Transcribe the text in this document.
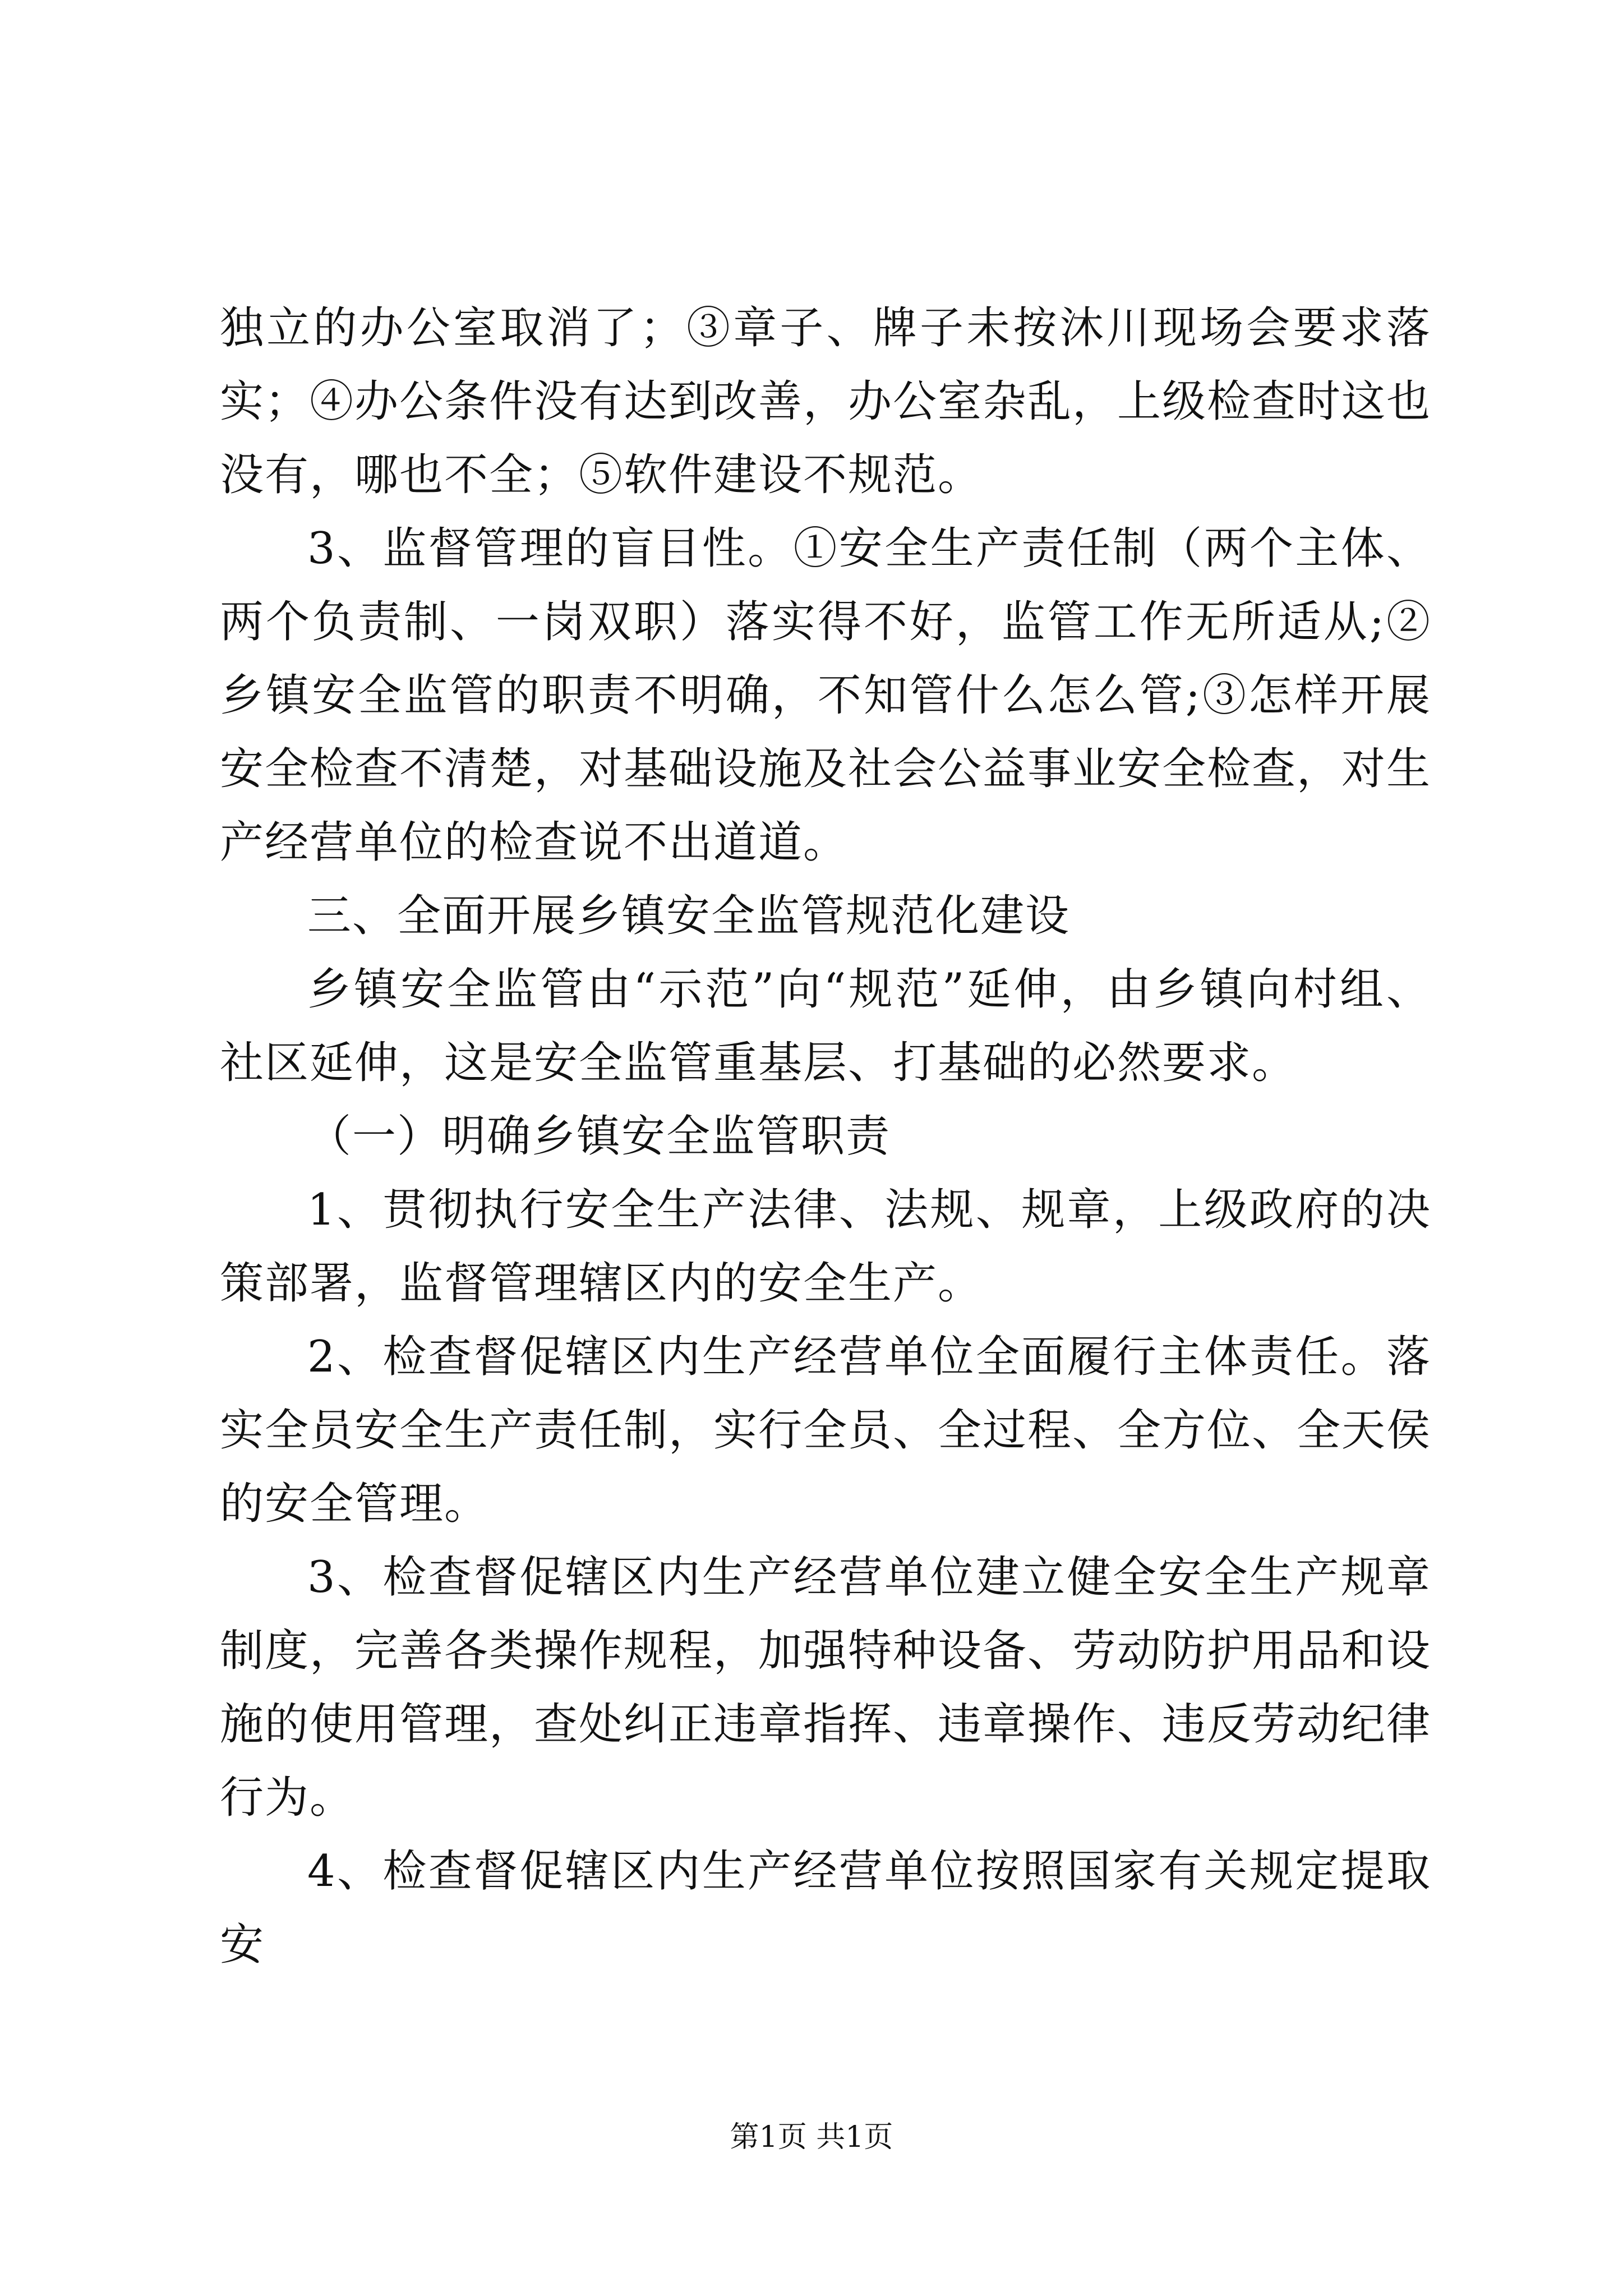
独立的办公室取消了；③章子、牌子未按沐川现场会要求落实；④办公条件没有达到改善，办公室杂乱，上级检查时这也没有，哪也不全；⑤软件建设不规范。

3、监督管理的盲目性。①安全生产责任制（两个主体、两个负责制、一岗双职）落实得不好，监管工作无所适从;②乡镇安全监管的职责不明确，不知管什么怎么管;③怎样开展安全检查不清楚，对基础设施及社会公益事业安全检查，对生产经营单位的检查说不出道道。

三、全面开展乡镇安全监管规范化建设

乡镇安全监管由“示范”向“规范”延伸，由乡镇向村组、社区延伸，这是安全监管重基层、打基础的必然要求。

（一）明确乡镇安全监管职责

1、贯彻执行安全生产法律、法规、规章，上级政府的决策部署，监督管理辖区内的安全生产。

2、检查督促辖区内生产经营单位全面履行主体责任。落实全员安全生产责任制，实行全员、全过程、全方位、全天侯的安全管理。

3、检查督促辖区内生产经营单位建立健全安全生产规章制度，完善各类操作规程，加强特种设备、劳动防护用品和设施的使用管理，查处纠正违章指挥、违章操作、违反劳动纪律行为。

4、检查督促辖区内生产经营单位按照国家有关规定提取安

第1页 共1页
